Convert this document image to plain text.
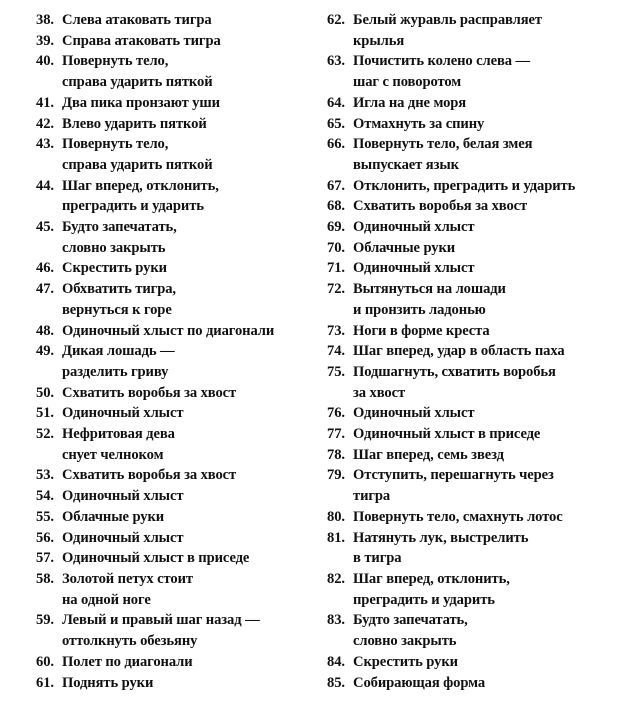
38. Слева атаковать тигра
39. Справа атаковать тигра
40. Повернуть тело,
справа ударить пяткой
41. Два пика пронзают уши
42. Влево ударить пяткой
43. Повернуть тело,
справа ударить пяткой
44. Шаг вперед, отклонить,
преградить и ударить
45. Будто запечатать,
словно закрыть
46. Скрестить руки
47. Обхватить тигра,
вернуться к горе
48. Одиночный хлыст по диагонали
49. Дикая лошадь —
разделить гриву
50. Схватить воробья за хвост
51. Одиночный хлыст
52. Нефритовая дева
снует челноком
53. Схватить воробья за хвост
54. Одиночный хлыст
55. Облачные руки
56. Одиночный хлыст
57. Одиночный хлыст в приседе
58. Золотой петух стоит
на одной ноге
59. Левый и правый шаг назад —
оттолкнуть обезьяну
60. Полет по диагонали
61. Поднять руки
62. Белый журавль расправляет
крылья
63. Почистить колено слева —
шаг с поворотом
64. Игла на дне моря
65. Отмахнуть за спину
66. Повернуть тело, белая змея
выпускает язык
67. Отклонить, преградить и ударить
68. Схватить воробья за хвост
69. Одиночный хлыст
70. Облачные руки
71. Одиночный хлыст
72. Вытянуться на лошади
и пронзить ладонью
73. Ноги в форме креста
74. Шаг вперед, удар в область паха
75. Подшагнуть, схватить воробья
за хвост
76. Одиночный хлыст
77. Одиночный хлыст в приседе
78. Шаг вперед, семь звезд
79. Отступить, перешагнуть через
тигра
80. Повернуть тело, смахнуть лотос
81. Натянуть лук, выстрелить
в тигра
82. Шаг вперед, отклонить,
преградить и ударить
83. Будто запечатать,
словно закрыть
84. Скрестить руки
85. Собирающая форма
